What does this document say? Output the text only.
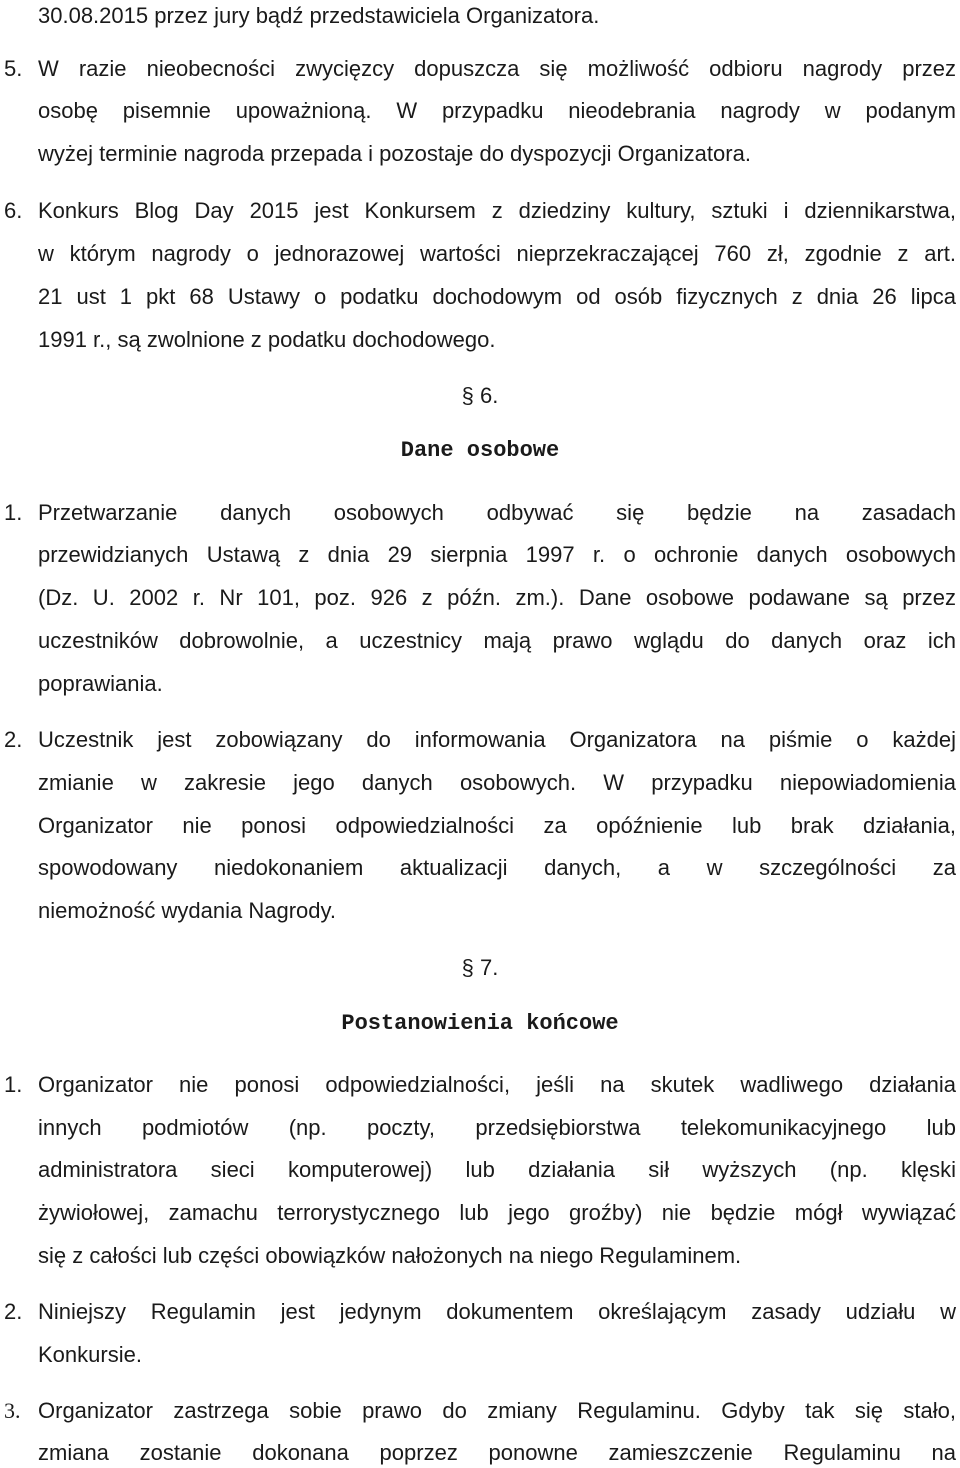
30.08.2015 przez jury bądź przedstawiciela Organizatora.
5. W razie nieobecności zwycięzcy dopuszcza się możliwość odbioru nagrody przez
osobę pisemnie upoważnioną. W przypadku nieodebrania nagrody w podanym
wyżej terminie nagroda przepada i pozostaje do dyspozycji Organizatora.
6. Konkurs Blog Day 2015 jest Konkursem z dziedziny kultury, sztuki i dziennikarstwa,
w którym nagrody o jednorazowej wartości nieprzekraczającej 760 zł, zgodnie z art.
21 ust 1 pkt 68 Ustawy o podatku dochodowym od osób fizycznych z dnia 26 lipca
1991 r., są zwolnione z podatku dochodowego.
§ 6.
Dane osobowe
1. Przetwarzanie danych osobowych odbywać się będzie na zasadach
przewidzianych Ustawą z dnia 29 sierpnia 1997 r. o ochronie danych osobowych
(Dz. U. 2002 r. Nr 101, poz. 926 z późn. zm.). Dane osobowe podawane są przez
uczestników dobrowolnie, a uczestnicy mają prawo wglądu do danych oraz ich
poprawiania.
2. Uczestnik jest zobowiązany do informowania Organizatora na piśmie o każdej
zmianie w zakresie jego danych osobowych. W przypadku niepowiadomienia
Organizator nie ponosi odpowiedzialności za opóźnienie lub brak działania,
spowodowany niedokonaniem aktualizacji danych, a w szczególności za
niemożność wydania Nagrody.
§ 7.
Postanowienia końcowe
1. Organizator nie ponosi odpowiedzialności, jeśli na skutek wadliwego działania
innych podmiotów (np. poczty, przedsiębiorstwa telekomunikacyjnego lub
administratora sieci komputerowej) lub działania sił wyższych (np. klęski
żywiołowej, zamachu terrorystycznego lub jego groźby) nie będzie mógł wywiązać
się z całości lub części obowiązków nałożonych na niego Regulaminem.
2. Niniejszy Regulamin jest jedynym dokumentem określającym zasady udziału w
Konkursie.
3. Organizator zastrzega sobie prawo do zmiany Regulaminu. Gdyby tak się stało,
zmiana zostanie dokonana poprzez ponowne zamieszczenie Regulaminu na
